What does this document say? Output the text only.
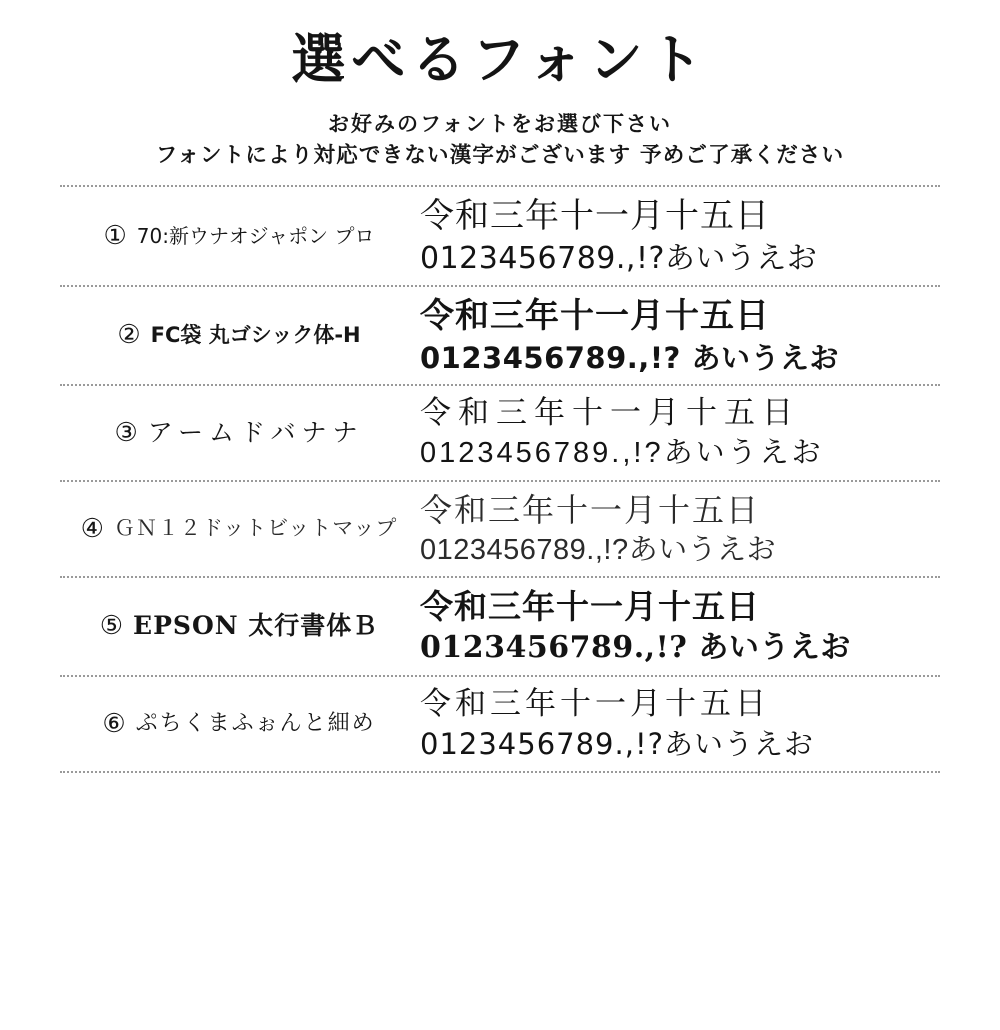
選べるフォント
お好みのフォントをお選び下さい
フォントにより対応できない漢字がございます 予めご了承ください
① 70:新ウナオジャポン プロ 令和三年十一月十五日
0123456789.,!?あいうえお
② FC袋 丸ゴシック体-H 令和三年十一月十五日
0123456789.,!? あいうえお
③ アームドバナナ
令和三年十一月十五日
0123456789.,!?あいうえお
④ ＧＮ１２ドットビットマップ
令和三年十一月十五日
0123456789.,!?あいうえお
⑤ EPSON 太行書体Ｂ 令和三年十一月十五日
0123456789.,!? あいうえお
⑥ ぷちくまふぉんと細め
令和三年十一月十五日
0123456789.,!?あいうえお
